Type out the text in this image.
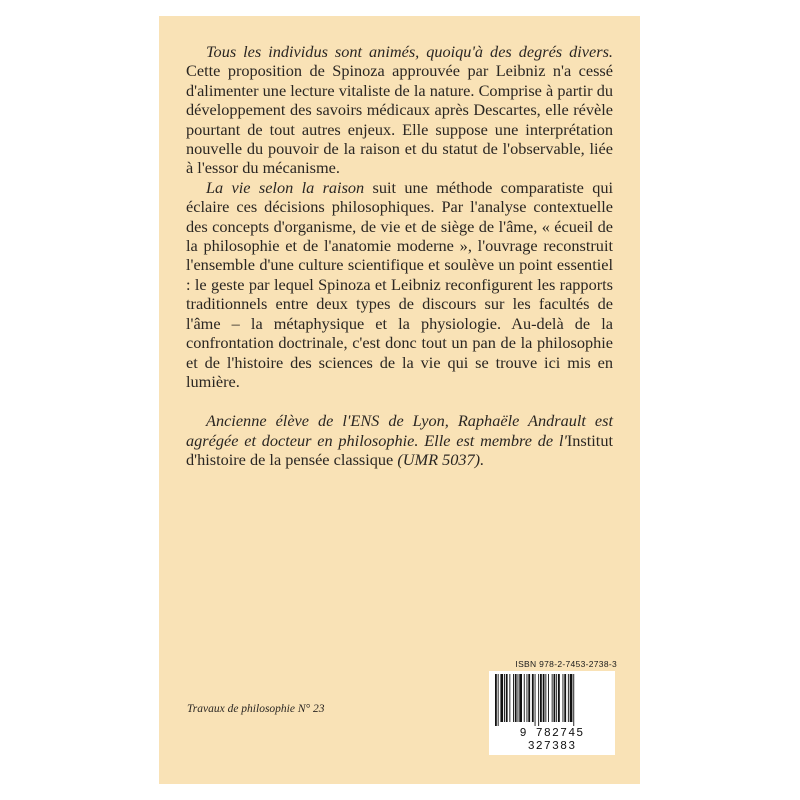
Tous les individus sont animés, quoiqu'à des degrés divers. Cette proposition de Spinoza approuvée par Leibniz n'a cessé d'alimenter une lecture vitaliste de la nature. Comprise à partir du développement des savoirs médicaux après Descartes, elle révèle pourtant de tout autres enjeux. Elle suppose une interprétation nouvelle du pouvoir de la raison et du statut de l'observable, liée à l'essor du mécanisme.

La vie selon la raison suit une méthode comparatiste qui éclaire ces décisions philosophiques. Par l'analyse contextuelle des concepts d'organisme, de vie et de siège de l'âme, « écueil de la philosophie et de l'anatomie moderne », l'ouvrage reconstruit l'ensemble d'une culture scientifique et soulève un point essentiel : le geste par lequel Spinoza et Leibniz reconfigurent les rapports traditionnels entre deux types de discours sur les facultés de l'âme – la métaphysique et la physiologie. Au-delà de la confrontation doctrinale, c'est donc tout un pan de la philosophie et de l'histoire des sciences de la vie qui se trouve ici mis en lumière.

Ancienne élève de l'ENS de Lyon, Raphaële Andrault est agrégée et docteur en philosophie. Elle est membre de l'Institut d'histoire de la pensée classique (UMR 5037).

Travaux de philosophie N° 23
ISBN 978-2-7453-2738-3
9 782745 327383
